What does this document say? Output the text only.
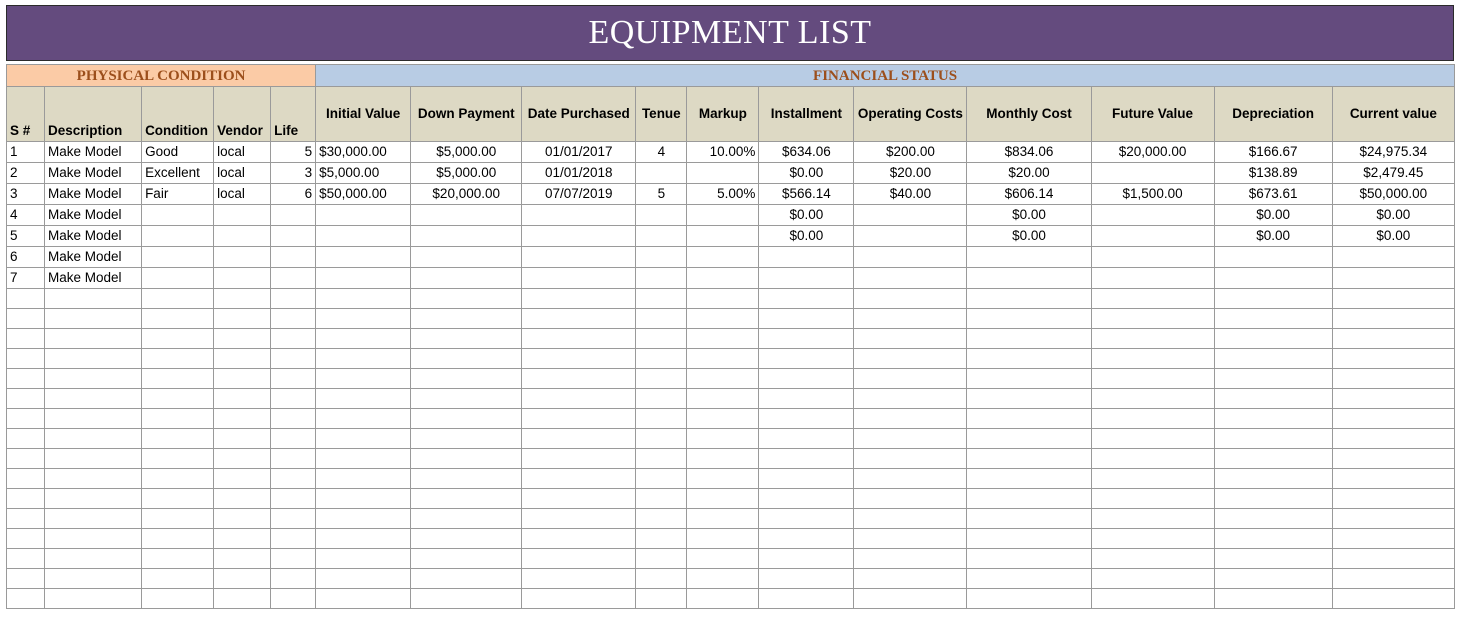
EQUIPMENT LIST
PHYSICAL CONDITION					FINANCIAL STATUS										
S #	Description	Condition	Vendor	Life	Initial Value	Down Payment	Date Purchased	Tenue	Markup	Installment	Operating Costs	Monthly Cost	Future Value	Depreciation	Current value
1	Make Model	Good	local	5	$30,000.00	$5,000.00	01/01/2017	4	10.00%	$634.06	$200.00	$834.06	$20,000.00	$166.67	$24,975.34
2	Make Model	Excellent	local	3	$5,000.00	$5,000.00	01/01/2018			$0.00	$20.00	$20.00		$138.89	$2,479.45
3	Make Model	Fair	local	6	$50,000.00	$20,000.00	07/07/2019	5	5.00%	$566.14	$40.00	$606.14	$1,500.00	$673.61	$50,000.00
4	Make Model									$0.00		$0.00		$0.00	$0.00
5	Make Model									$0.00		$0.00		$0.00	$0.00
6	Make Model														
7	Make Model														
